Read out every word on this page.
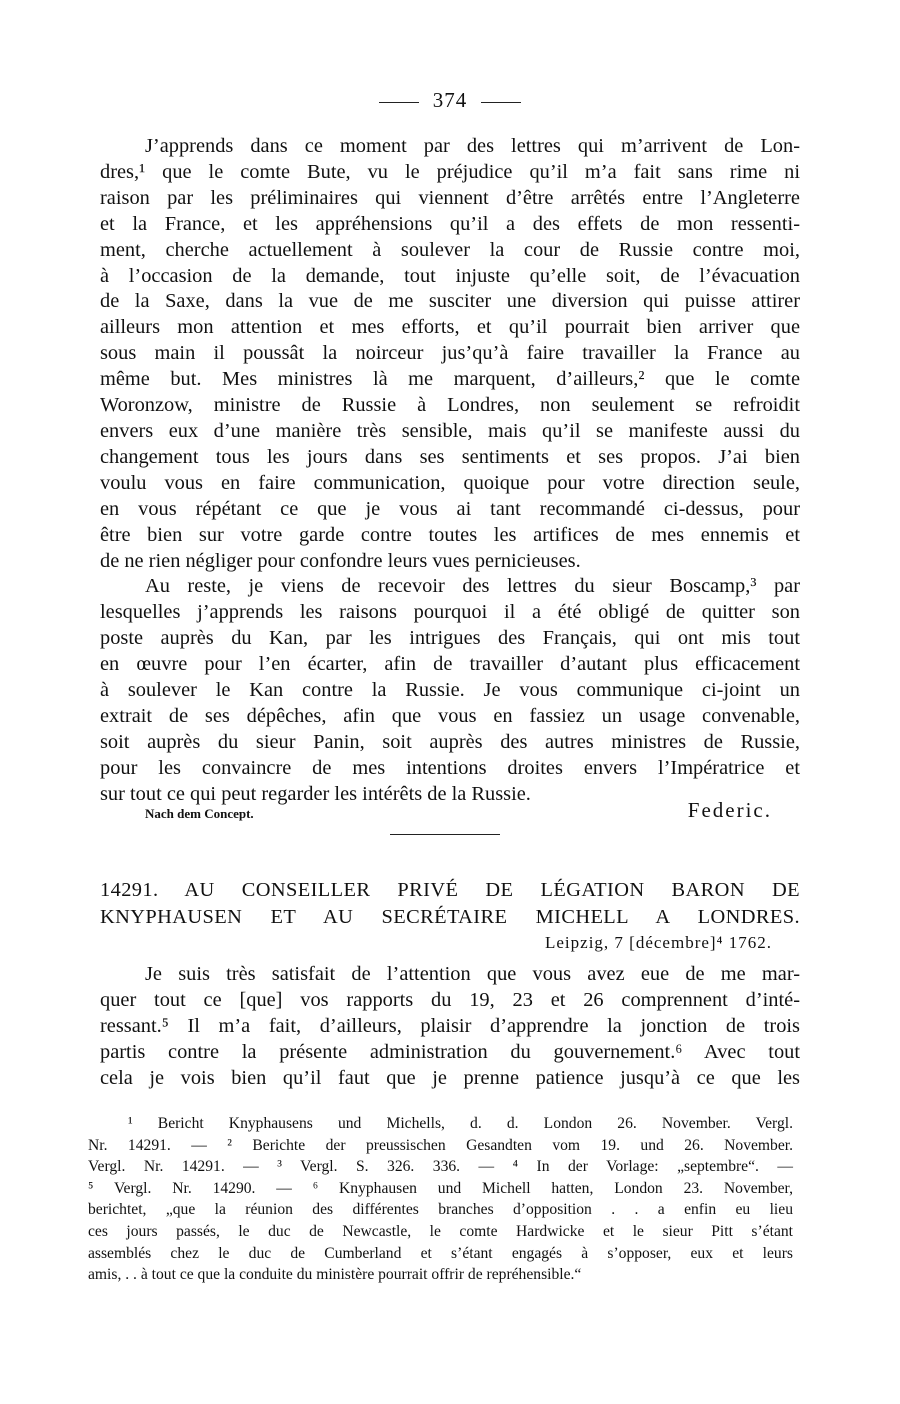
374
J’apprends dans ce moment par des lettres qui m’arrivent de Lon-
dres,¹ que le comte Bute, vu le préjudice qu’il m’a fait sans rime ni
raison par les préliminaires qui viennent d’être arrêtés entre l’Angleterre
et la France, et les appréhensions qu’il a des effets de mon ressenti-
ment, cherche actuellement à soulever la cour de Russie contre moi,
à l’occasion de la demande, tout injuste qu’elle soit, de l’évacuation
de la Saxe, dans la vue de me susciter une diversion qui puisse attirer
ailleurs mon attention et mes efforts, et qu’il pourrait bien arriver que
sous main il poussât la noirceur jus’qu’à faire travailler la France au
même but. Mes ministres là me marquent, d’ailleurs,² que le comte
Woronzow, ministre de Russie à Londres, non seulement se refroidit
envers eux d’une manière très sensible, mais qu’il se manifeste aussi du
changement tous les jours dans ses sentiments et ses propos. J’ai bien
voulu vous en faire communication, quoique pour votre direction seule,
en vous répétant ce que je vous ai tant recommandé ci-dessus, pour
être bien sur votre garde contre toutes les artifices de mes ennemis et
de ne rien négliger pour confondre leurs vues pernicieuses.
Au reste, je viens de recevoir des lettres du sieur Boscamp,³ par
lesquelles j’apprends les raisons pourquoi il a été obligé de quitter son
poste auprès du Kan, par les intrigues des Français, qui ont mis tout
en œuvre pour l’en écarter, afin de travailler d’autant plus efficacement
à soulever le Kan contre la Russie. Je vous communique ci-joint un
extrait de ses dépêches, afin que vous en fassiez un usage convenable,
soit auprès du sieur Panin, soit auprès des autres ministres de Russie,
pour les convaincre de mes intentions droites envers l’Impératrice et
sur tout ce qui peut regarder les intérêts de la Russie.
Nach dem Concept.	Federic.
14291. AU CONSEILLER PRIVÉ DE LÉGATION BARON DE
KNYPHAUSEN ET AU SECRÉTAIRE MICHELL A LONDRES.
Leipzig, 7 [décembre]⁴ 1762.
Je suis très satisfait de l’attention que vous avez eue de me mar-
quer tout ce [que] vos rapports du 19, 23 et 26 comprennent d’inté-
ressant.⁵ Il m’a fait, d’ailleurs, plaisir d’apprendre la jonction de trois
partis contre la présente administration du gouvernement.⁶ Avec tout
cela je vois bien qu’il faut que je prenne patience jusqu’à ce que les
¹ Bericht Knyphausens und Michells, d. d. London 26. November. Vergl.
Nr. 14291. — ² Berichte der preussischen Gesandten vom 19. und 26. November.
Vergl. Nr. 14291. — ³ Vergl. S. 326. 336. — ⁴ In der Vorlage: „septembre“. —
⁵ Vergl. Nr. 14290. — ⁶ Knyphausen und Michell hatten, London 23. November,
berichtet, „que la réunion des différentes branches d’opposition . . a enfin eu lieu
ces jours passés, le duc de Newcastle, le comte Hardwicke et le sieur Pitt s’étant
assemblés chez le duc de Cumberland et s’étant engagés à s’opposer, eux et leurs
amis, . . à tout ce que la conduite du ministère pourrait offrir de repréhensible.“
